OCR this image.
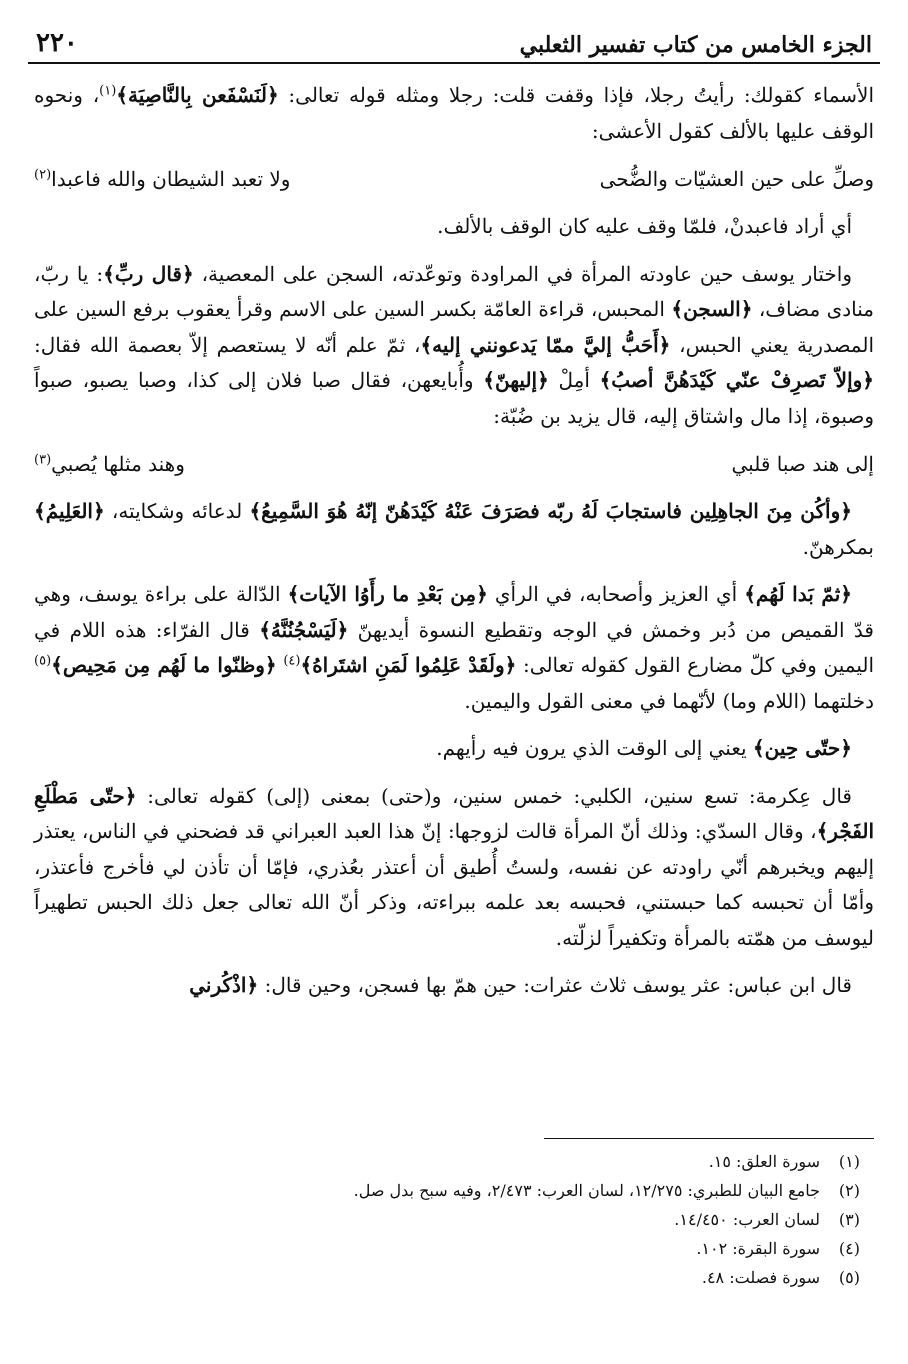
الجزء الخامس من كتاب تفسير الثعلبي
٢٢٠

الأسماء كقولك: رأيتُ رجلا، فإذا وقفت قلت: رجلا ومثله قوله تعالى: ﴿لَنَسْفَعن بِالنَّاصِيَة﴾$^{(١)}$، ونحوه الوقف عليها بالألف كقول الأعشى:

وصلِّ على حين العشيّات والضُّحى
ولا تعبد الشيطان والله فاعبدا$^{(٢)}$

أي أراد فاعبدنْ، فلمّا وقف عليه كان الوقف بالألف.

واختار يوسف حين عاودته المرأة في المراودة وتوعّدته، السجن على المعصية، ﴿قال ربِّ﴾: يا ربّ، منادى مضاف، ﴿السجن﴾ المحبس، قراءة العامّة بكسر السين على الاسم وقرأ يعقوب برفع السين على المصدرية يعني الحبس، ﴿أَحَبُّ إليَّ ممّا يَدعونني إليه﴾، ثمّ علم أنّه لا يستعصم إلاّ بعصمة الله فقال: ﴿وإلاّ تَصرِفْ عنّي كَيْدَهُنَّ أصبُ﴾ أمِلْ ﴿إليهنّ﴾ وأُبايعهن، فقال صبا فلان إلى كذا، وصبا يصبو، صبواً وصبوة، إذا مال واشتاق إليه، قال يزيد بن ضُبّة:

إلى هند صبا قلبي
وهند مثلها يُصبي$^{(٣)}$

﴿وأكُن مِنَ الجاهِلِين فاستجابَ لَهُ ربّه فصَرَفَ عَنْهُ كَيْدَهُنّ إنّهُ هُوَ السَّمِيعُ﴾ لدعائه وشكايته، ﴿العَلِيمُ﴾ بمكرهنّ.

﴿ثمّ بَدا لَهُم﴾ أي العزيز وأصحابه، في الرأي ﴿مِن بَعْدِ ما رأَوُا الآيات﴾ الدّالة على براءة يوسف، وهي قدّ القميص من دُبر وخمش في الوجه وتقطيع النسوة أيديهنّ ﴿لَيَسْجُنُنَّهُ﴾ قال الفرّاء: هذه اللام في اليمين وفي كلّ مضارع القول كقوله تعالى: ﴿ولَقَدْ عَلِمُوا لَمَنِ اشتَراهُ﴾$^{(٤)}$ ﴿وظنّوا ما لَهُم مِن مَحِيص﴾$^{(٥)}$ دخلتهما (اللام وما) لأنّهما في معنى القول واليمين.

﴿حتّى حِين﴾ يعني إلى الوقت الذي يرون فيه رأيهم.

قال عِكرمة: تسع سنين، الكلبي: خمس سنين، و(حتى) بمعنى (إلى) كقوله تعالى: ﴿حتّى مَطْلَعِ الفَجْر﴾، وقال السدّي: وذلك أنّ المرأة قالت لزوجها: إنّ هذا العبد العبراني قد فضحني في الناس، يعتذر إليهم ويخبرهم أنّي راودته عن نفسه، ولستُ أُطيق أن أعتذر بعُذري، فإمّا أن تأذن لي فأخرج فأعتذر، وأمّا أن تحبسه كما حبستني، فحبسه بعد علمه ببراءته، وذكر أنّ الله تعالى جعل ذلك الحبس تطهيراً ليوسف من همّته بالمرأة وتكفيراً لزلّته.

قال ابن عباس: عثر يوسف ثلاث عثرات: حين همّ بها فسجن، وحين قال: ﴿اذْكُرني

(١)
سورة العلق: ١٥.
(٢)
جامع البيان للطبري: ١٢/٢٧٥، لسان العرب: ٢/٤٧٣، وفيه سبح بدل صل.
(٣)
لسان العرب: ١٤/٤٥٠.
(٤)
سورة البقرة: ١٠٢.
(٥)
سورة فصلت: ٤٨.
